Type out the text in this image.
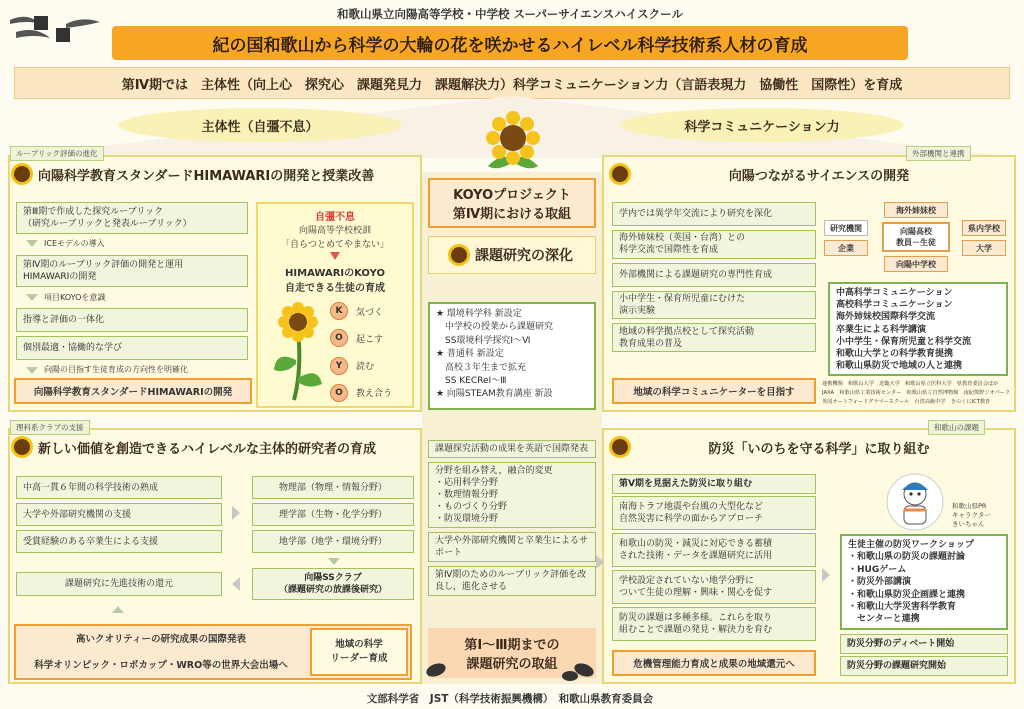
和歌山県立向陽高等学校・中学校 スーパーサイエンスハイスクール
紀の国和歌山から科学の大輪の花を咲かせるハイレベル科学技術系人材の育成
第Ⅳ期では　主体性（向上心　探究心　課題発見力　課題解決力）科学コミュニケーション力（言語表現力　協働性　国際性）を育成
主体性（自彊不息）	科学コミュニケーション力
KOYOプロジェクト
第Ⅳ期における取組
課題研究の深化
★ 環境科学科 新設定
　中学校の授業から課題研究
　SS環境科学探究Ⅰ～Ⅵ
★ 普通科 新設定
　高校３年生まで拡充
　SS KECReⅠ～Ⅲ
★ 向陽STEAM教育講座 新設
課題探究活動の成果を英語で国際発表
分野を組み替え，融合的変更
・応用科学分野
・数理情報分野
・ものづくり分野
・防災環境分野
大学や外部研究機関と卒業生によるサポート
第Ⅳ期のためのルーブリック評価を改良し，進化させる
第Ⅰ～Ⅲ期までの
課題研究の取組
ルーブリック評価の進化
向陽科学教育スタンダードHIMAWARIの開発と授業改善
第Ⅲ期で作成した探究ルーブリック
（研究ルーブリックと発表ルーブリック）
ICEモデルの導入
第Ⅳ期のルーブリック評価の開発と運用
HIMAWARIの開発
項目KOYOを意識
指導と評価の一体化
個別最適・協働的な学び
向陽の目指す生徒育成の方向性を明確化
向陽科学教育スタンダードHIMAWARIの開発
自彊不息
向陽高等学校校訓
「自らつとめてやまない」
HIMAWARIのKOYO
自走できる生徒の育成
K	気づく
O	起こす
Y	読む
O	教え合う
外部機関と連携
向陽つながるサイエンスの開発
学内では異学年交流により研究を深化
海外姉妹校（英国・台湾）との
科学交流で国際性を育成
外部機関による課題研究の専門性育成
小中学生・保育所児童にむけた
演示実験
地域の科学拠点校として探究活動
教育成果の普及
地域の科学コミュニケーターを目指す
海外姉妹校
研究機関
企業
向陽高校
教員－生徒
県内学校
大学
向陽中学校
中高科学コミュニケーション
高校科学コミュニケーション
海外姉妹校国際科学交流
卒業生による科学講演
小中学生・保育所児童と科学交流
和歌山大学との科学教育提携
和歌山県防災で地域の人と連携
連携機関　和歌山大学　近畿大学　和歌山県立医科大学　県教育委員会ほか
JAXA　和歌山県工業技術センター　和歌山県立自然博物館　南紀熊野ジオパーク
英国オートフォードグラマースクール　台湾高級中学　きのくにICT教育
理科系クラブの支援
新しい価値を創造できるハイレベルな主体的研究者の育成
中高一貫６年間の科学技術の熟成
大学や外部研究機関の支援
受賞経験のある卒業生による支援
物理部（物理・情報分野）
理学部（生物・化学分野）
地学部（地学・環境分野）
課題研究に先進技術の還元
向陽SSクラブ
（課題研究の放課後研究）
高いクオリティーの研究成果の国際発表
科学オリンピック・ロボカップ・WRO等の世界大会出場へ
地域の科学
リーダー育成
和歌山の課題
防災「いのちを守る科学」に取り組む
第Ⅴ期を見据えた防災に取り組む
南海トラフ地震や台風の大型化など
自然災害に科学の面からアプローチ
和歌山の防災・減災に対応できる蓄積
された技術・データを課題研究に活用
学校設定されていない地学分野に
ついて生徒の理解・興味・関心を促す
防災の課題は多種多様。これらを取り
組むことで課題の発見・解決力を育む
危機管理能力育成と成果の地域還元へ
和歌山県PR
キャラクター
きいちゃん
生徒主催の防災ワークショップ
・和歌山県の防災の課題討論
・HUGゲーム
・防災外部講演
・和歌山県防災企画課と連携
・和歌山大学災害科学教育
　センターと連携
防災分野のディベート開始
防災分野の課題研究開始
文部科学省　JST（科学技術振興機構）　和歌山県教育委員会
